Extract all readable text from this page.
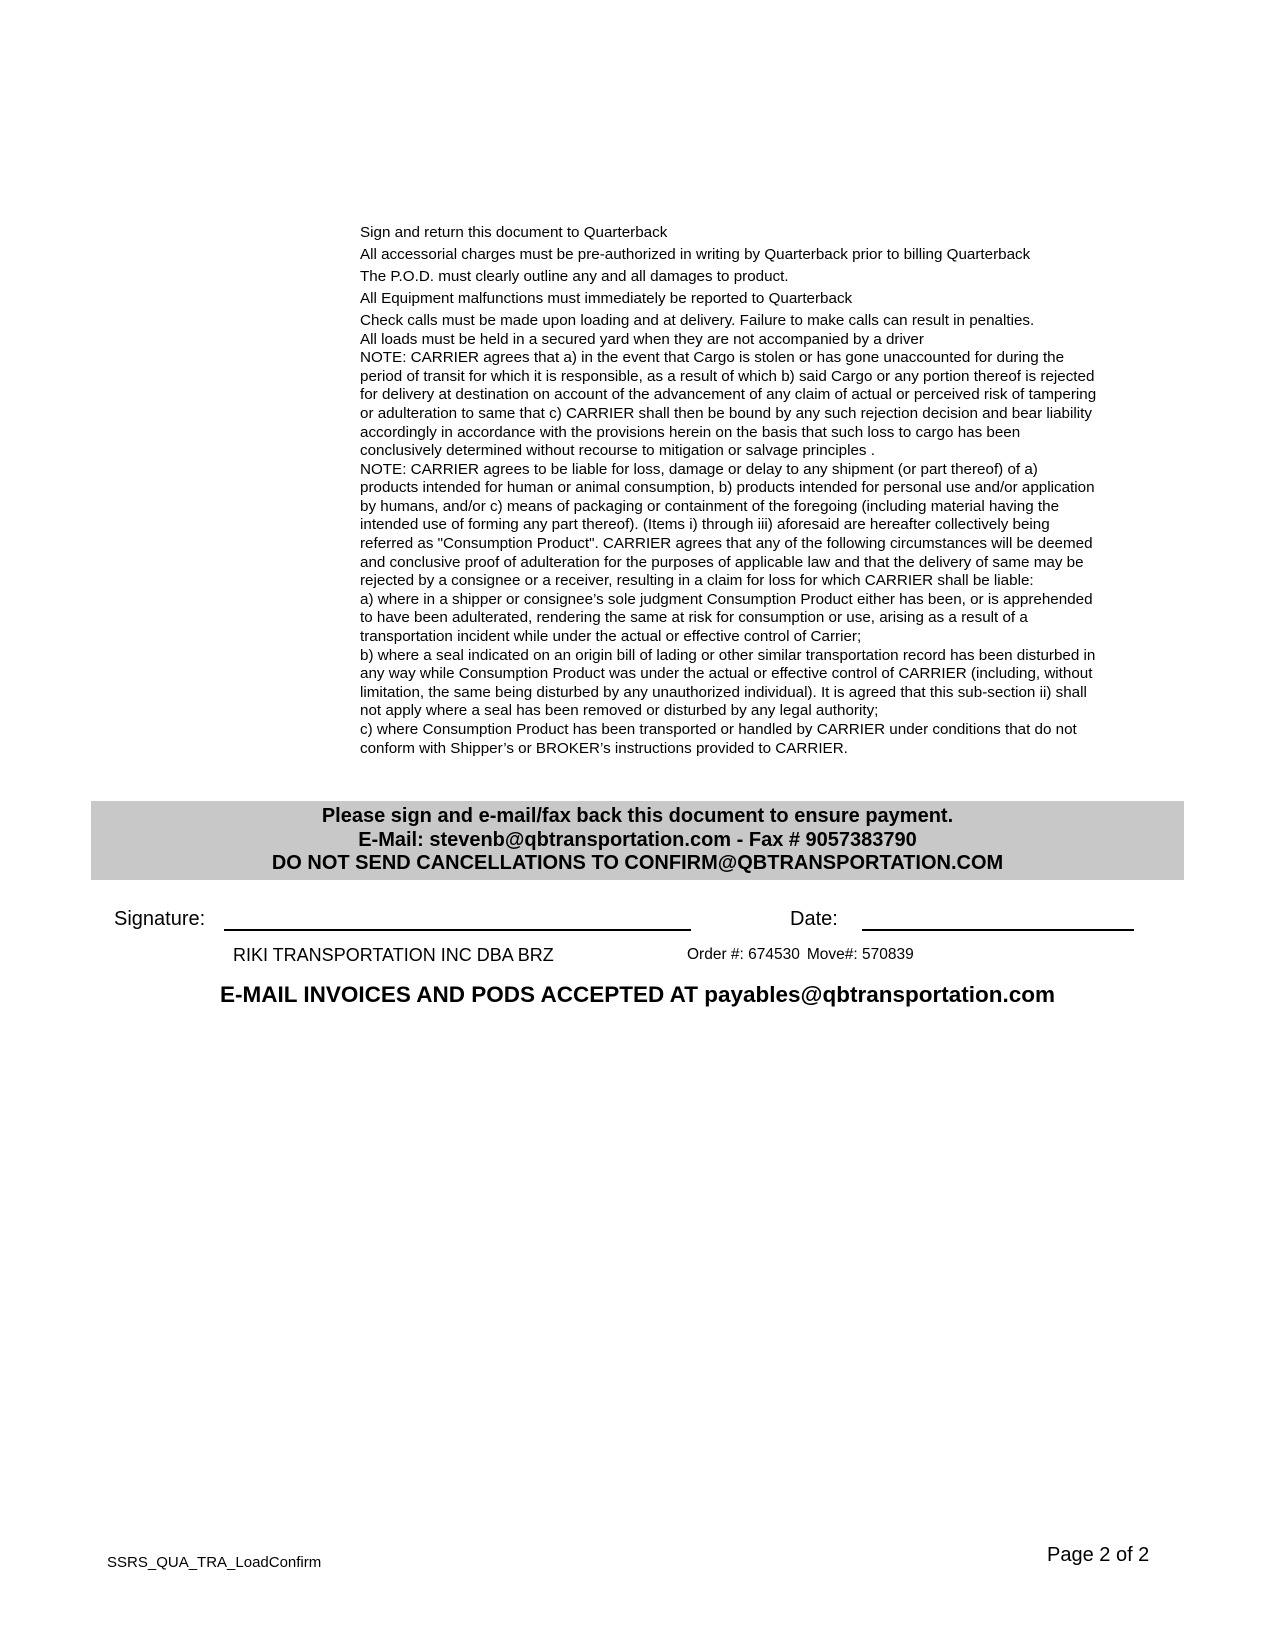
Sign and return this document to Quarterback
All accessorial charges must be pre-authorized in writing by Quarterback prior to billing Quarterback
The P.O.D. must clearly outline any and all damages to product.
All Equipment malfunctions must immediately be reported to Quarterback
Check calls must be made upon loading and at delivery. Failure to make calls can result in penalties.
All loads must be held in a secured yard when they are not accompanied by a driver
NOTE: CARRIER agrees that a) in the event that Cargo is stolen or has gone unaccounted for during the
period of transit for which it is responsible, as a result of which b) said Cargo or any portion thereof is rejected
for delivery at destination on account of the advancement of any claim of actual or perceived risk of tampering
or adulteration to same that c) CARRIER shall then be bound by any such rejection decision and bear liability
accordingly in accordance with the provisions herein on the basis that such loss to cargo has been
conclusively determined without recourse to mitigation or salvage principles .
NOTE: CARRIER agrees to be liable for loss, damage or delay to any shipment (or part thereof) of a)
products intended for human or animal consumption, b) products intended for personal use and/or application
by humans, and/or c) means of packaging or containment of the foregoing (including material having the
intended use of forming any part thereof). (Items i) through iii) aforesaid are hereafter collectively being
referred as "Consumption Product". CARRIER agrees that any of the following circumstances will be deemed
and conclusive proof of adulteration for the purposes of applicable law and that the delivery of same may be
rejected by a consignee or a receiver, resulting in a claim for loss for which CARRIER shall be liable:
a) where in a shipper or consignee’s sole judgment Consumption Product either has been, or is apprehended
to have been adulterated, rendering the same at risk for consumption or use, arising as a result of a
transportation incident while under the actual or effective control of Carrier;
b) where a seal indicated on an origin bill of lading or other similar transportation record has been disturbed in
any way while Consumption Product was under the actual or effective control of CARRIER (including, without
limitation, the same being disturbed by any unauthorized individual). It is agreed that this sub-section ii) shall
not apply where a seal has been removed or disturbed by any legal authority;
c) where Consumption Product has been transported or handled by CARRIER under conditions that do not
conform with Shipper’s or BROKER’s instructions provided to CARRIER.
Please sign and e-mail/fax back this document to ensure payment.
E-Mail: stevenb@qbtransportation.com - Fax # 9057383790
DO NOT SEND CANCELLATIONS TO CONFIRM@QBTRANSPORTATION.COM
Signature:	Date:
RIKI TRANSPORTATION INC DBA BRZ	Order #: 674530 Move#: 570839
E-MAIL INVOICES AND PODS ACCEPTED AT payables@qbtransportation.com
SSRS_QUA_TRA_LoadConfirm	Page 2 of 2
